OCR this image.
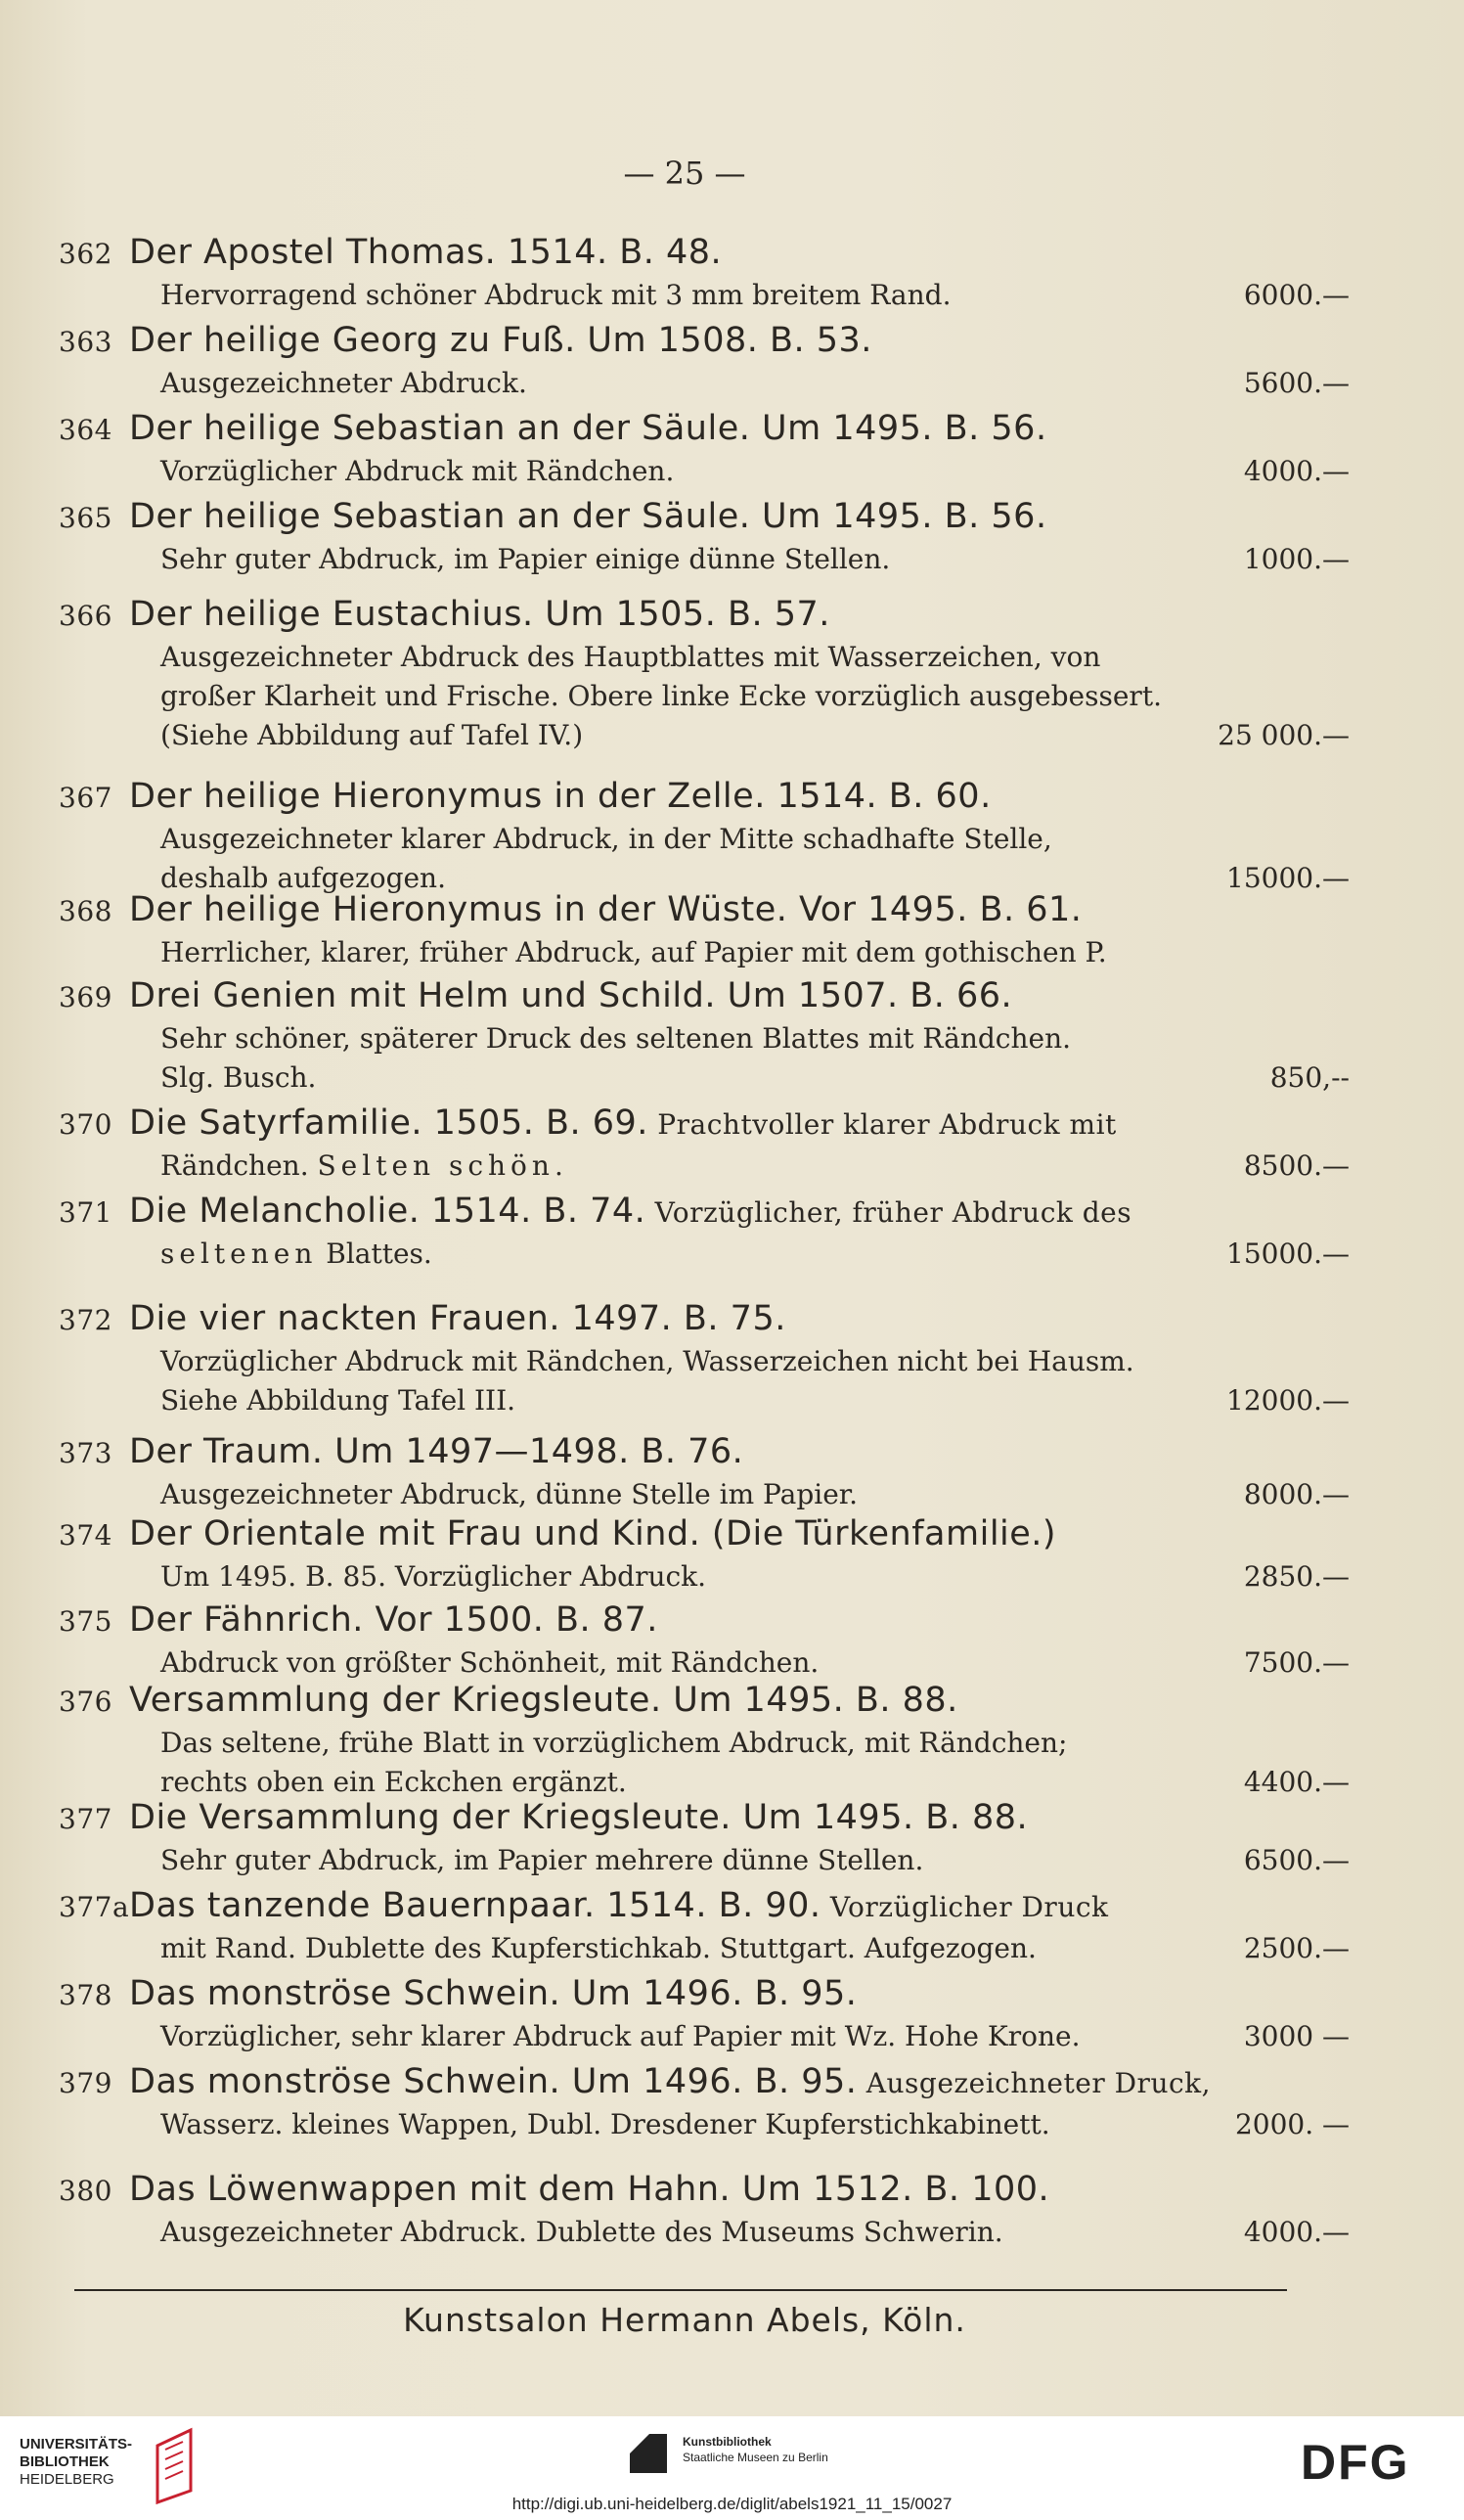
— 25 —
362 Der Apostel Thomas. 1514. B. 48.
Hervorragend schöner Abdruck mit 3 mm breitem Rand.	6000.—
363 Der heilige Georg zu Fuß. Um 1508. B. 53.
Ausgezeichneter Abdruck.	5600.—
364 Der heilige Sebastian an der Säule. Um 1495. B. 56.
Vorzüglicher Abdruck mit Rändchen.	4000.—
365 Der heilige Sebastian an der Säule. Um 1495. B. 56.
Sehr guter Abdruck, im Papier einige dünne Stellen.	1000.—
366 Der heilige Eustachius. Um 1505. B. 57.
Ausgezeichneter Abdruck des Hauptblattes mit Wasserzeichen, von
großer Klarheit und Frische. Obere linke Ecke vorzüglich ausgebessert.
(Siehe Abbildung auf Tafel IV.)	25 000.—
367 Der heilige Hieronymus in der Zelle. 1514. B. 60.
Ausgezeichneter klarer Abdruck, in der Mitte schadhafte Stelle,
deshalb aufgezogen.	15000.—
368 Der heilige Hieronymus in der Wüste. Vor 1495. B. 61.
Herrlicher, klarer, früher Abdruck, auf Papier mit dem gothischen P.
369 Drei Genien mit Helm und Schild. Um 1507. B. 66.
Sehr schöner, späterer Druck des seltenen Blattes mit Rändchen.
Slg. Busch.	850,--
370 Die Satyrfamilie. 1505. B. 69. Prachtvoller klarer Abdruck mit
Rändchen. Selten schön.	8500.—
371 Die Melancholie. 1514. B. 74. Vorzüglicher, früher Abdruck des
seltenen Blattes.	15000.—
372 Die vier nackten Frauen. 1497. B. 75.
Vorzüglicher Abdruck mit Rändchen, Wasserzeichen nicht bei Hausm.
Siehe Abbildung Tafel III.	12000.—
373 Der Traum. Um 1497—1498. B. 76.
Ausgezeichneter Abdruck, dünne Stelle im Papier.	8000.—
374 Der Orientale mit Frau und Kind. (Die Türkenfamilie.)
Um 1495. B. 85. Vorzüglicher Abdruck.	2850.—
375 Der Fähnrich. Vor 1500. B. 87.
Abdruck von größter Schönheit, mit Rändchen.	7500.—
376 Versammlung der Kriegsleute. Um 1495. B. 88.
Das seltene, frühe Blatt in vorzüglichem Abdruck, mit Rändchen;
rechts oben ein Eckchen ergänzt.	4400.—
377 Die Versammlung der Kriegsleute. Um 1495. B. 88.
Sehr guter Abdruck, im Papier mehrere dünne Stellen.	6500.—
377aDas tanzende Bauernpaar. 1514. B. 90. Vorzüglicher Druck
mit Rand. Dublette des Kupferstichkab. Stuttgart. Aufgezogen.	2500.—
378 Das monströse Schwein. Um 1496. B. 95.
Vorzüglicher, sehr klarer Abdruck auf Papier mit Wz. Hohe Krone.	3000 —
379 Das monströse Schwein. Um 1496. B. 95. Ausgezeichneter Druck,
Wasserz. kleines Wappen, Dubl. Dresdener Kupferstichkabinett.	2000. —
380 Das Löwenwappen mit dem Hahn. Um 1512. B. 100.
Ausgezeichneter Abdruck. Dublette des Museums Schwerin.	4000.—
Kunstsalon Hermann Abels, Köln.
UNIVERSITÄTS-
BIBLIOTHEK
HEIDELBERG
Kunstbibliothek
Staatliche Museen zu Berlin	DFG
http://digi.ub.uni-heidelberg.de/diglit/abels1921_11_15/0027
